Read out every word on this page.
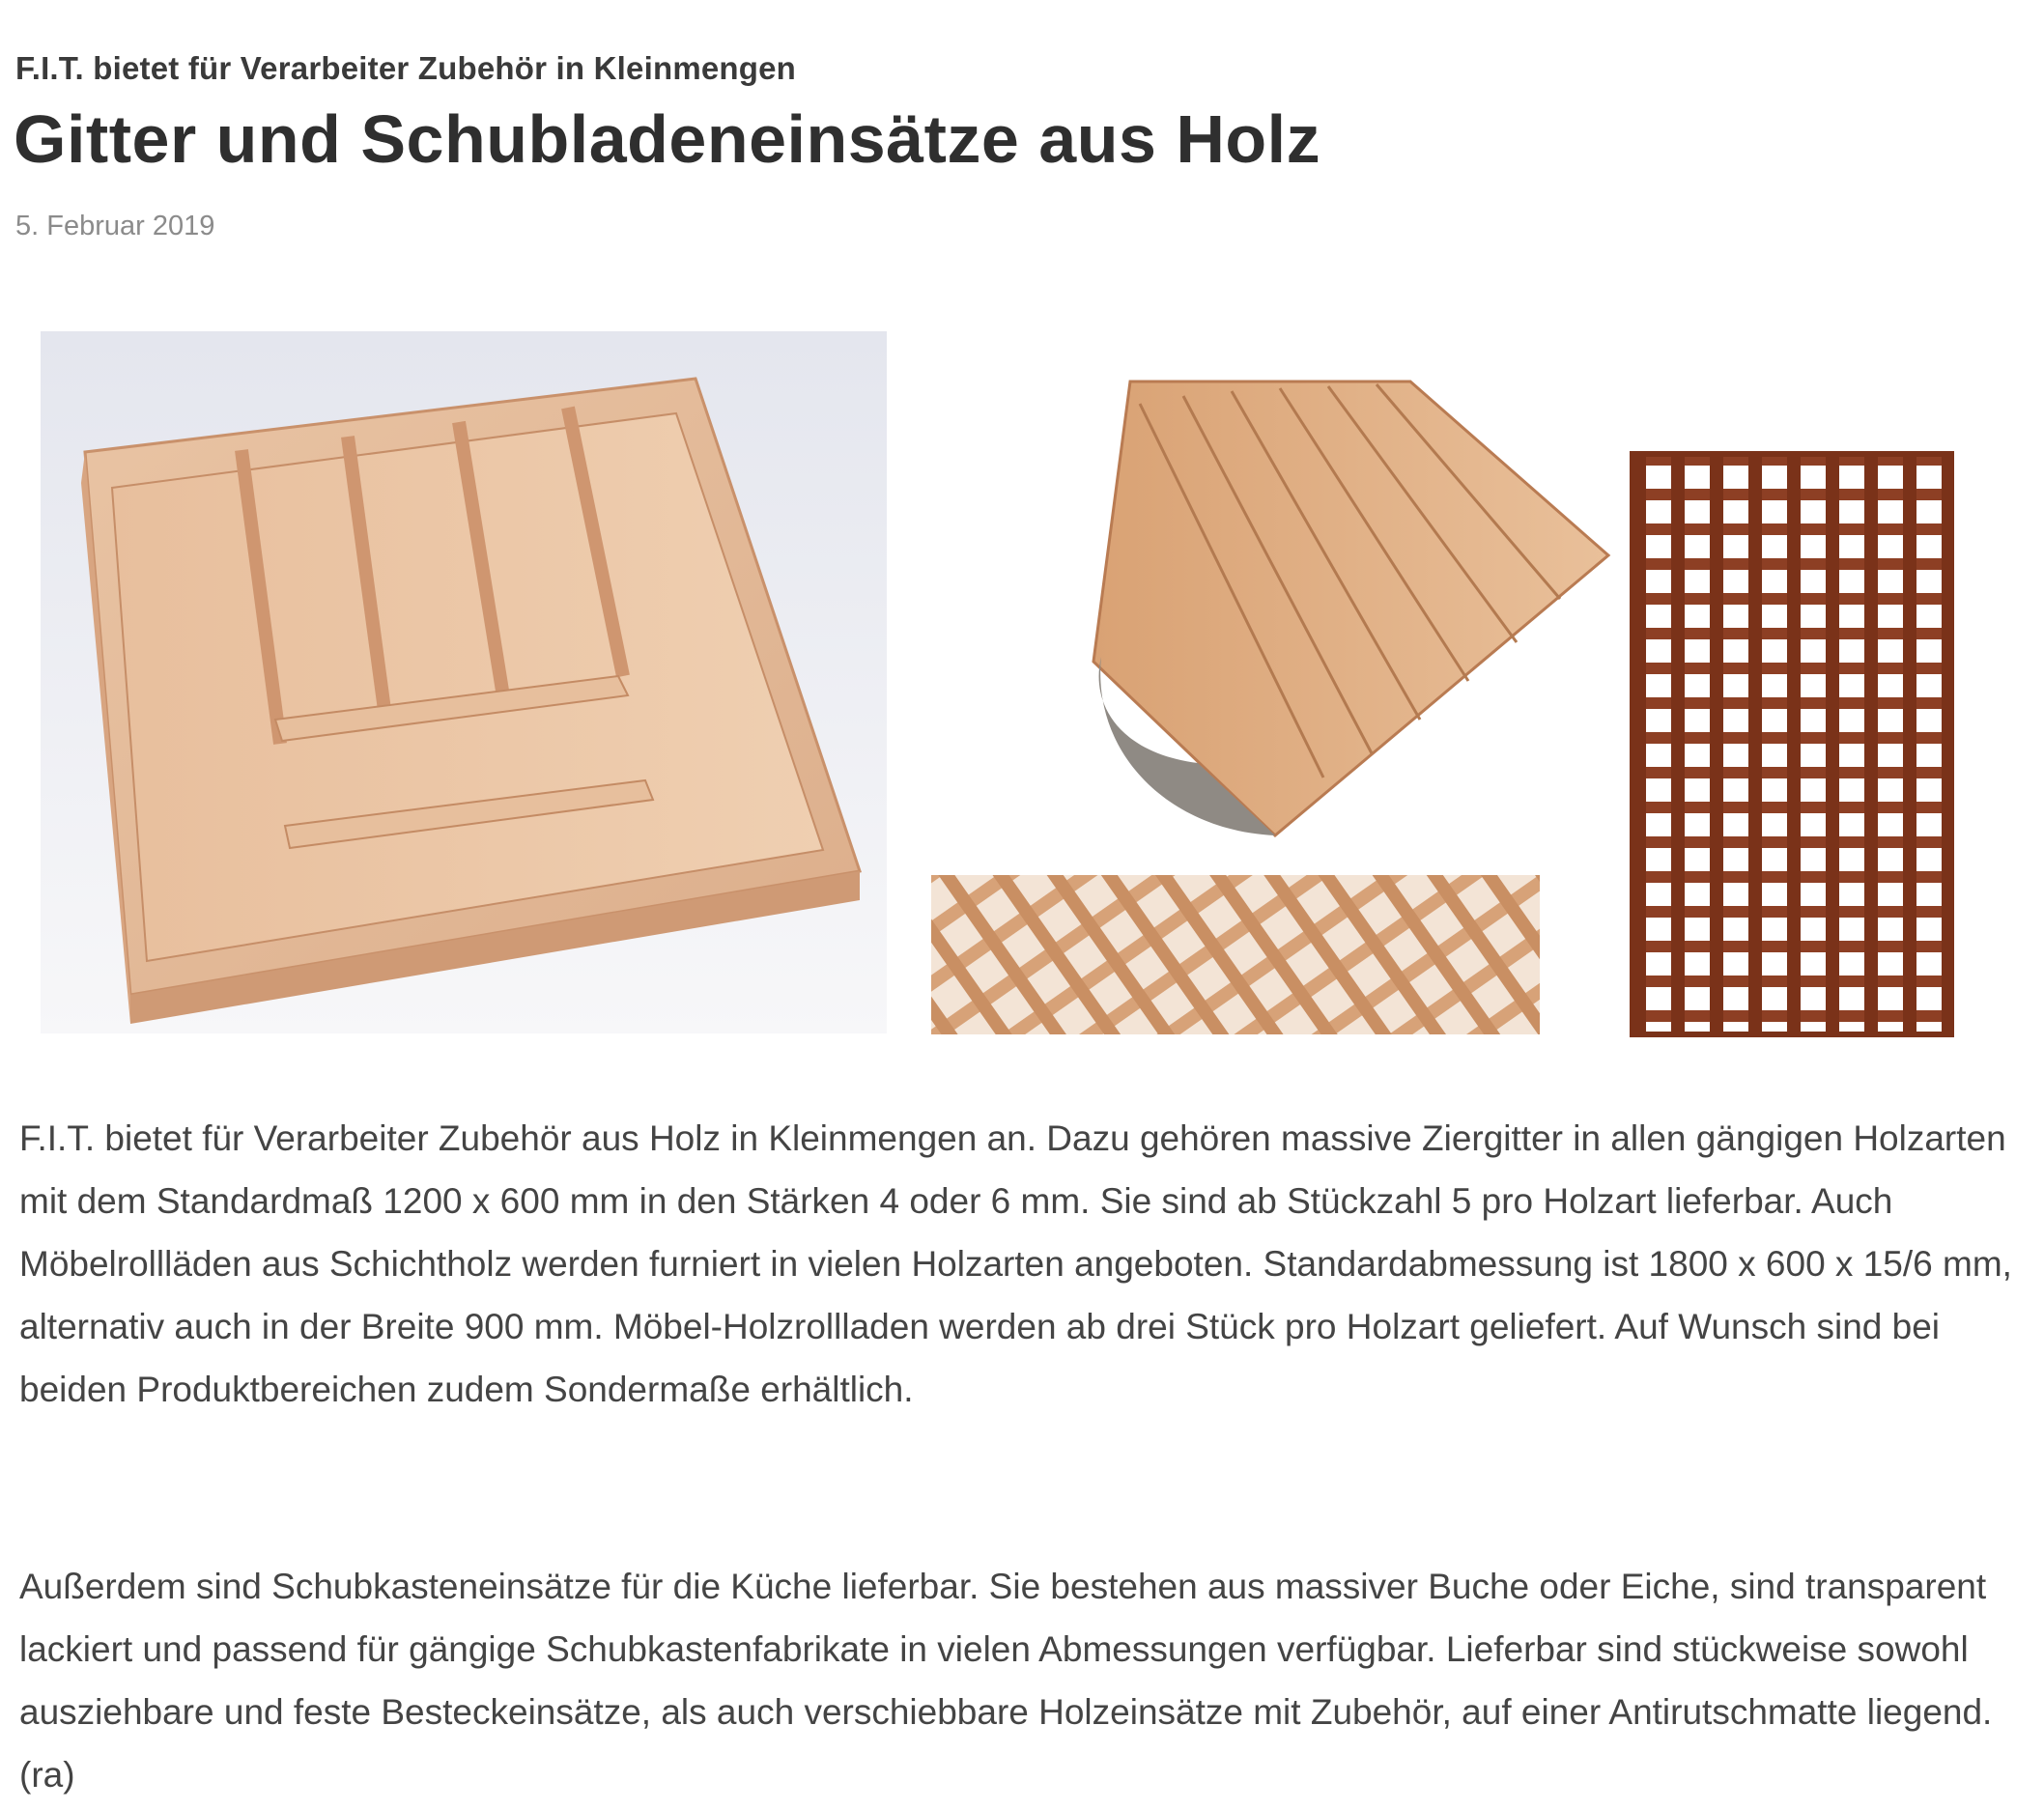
F.I.T. bietet für Verarbeiter Zubehör in Kleinmengen
Gitter und Schubladeneinsätze aus Holz
5. Februar 2019

F.I.T. bietet für Verarbeiter Zubehör aus Holz in Kleinmengen an. Dazu gehören massive Ziergitter in allen gängigen Holzarten mit dem Standardmaß 1200 x 600 mm in den Stärken 4 oder 6 mm. Sie sind ab Stückzahl 5 pro Holzart lieferbar. Auch Möbelrollläden aus Schichtholz werden furniert in vielen Holzarten angeboten. Standardabmessung ist 1800 x 600 x 15/6 mm, alternativ auch in der Breite 900 mm. Möbel-Holzrollladen werden ab drei Stück pro Holzart geliefert. Auf Wunsch sind bei beiden Produktbereichen zudem Sondermaße erhältlich.

Außerdem sind Schubkasteneinsätze für die Küche lieferbar. Sie bestehen aus massiver Buche oder Eiche, sind transparent lackiert und passend für gängige Schubkastenfabrikate in vielen Abmessungen verfügbar. Lieferbar sind stückweise sowohl ausziehbare und feste Besteckeinsätze, als auch verschiebbare Holzeinsätze mit Zubehör, auf einer Antirutschmatte liegend. (ra)
